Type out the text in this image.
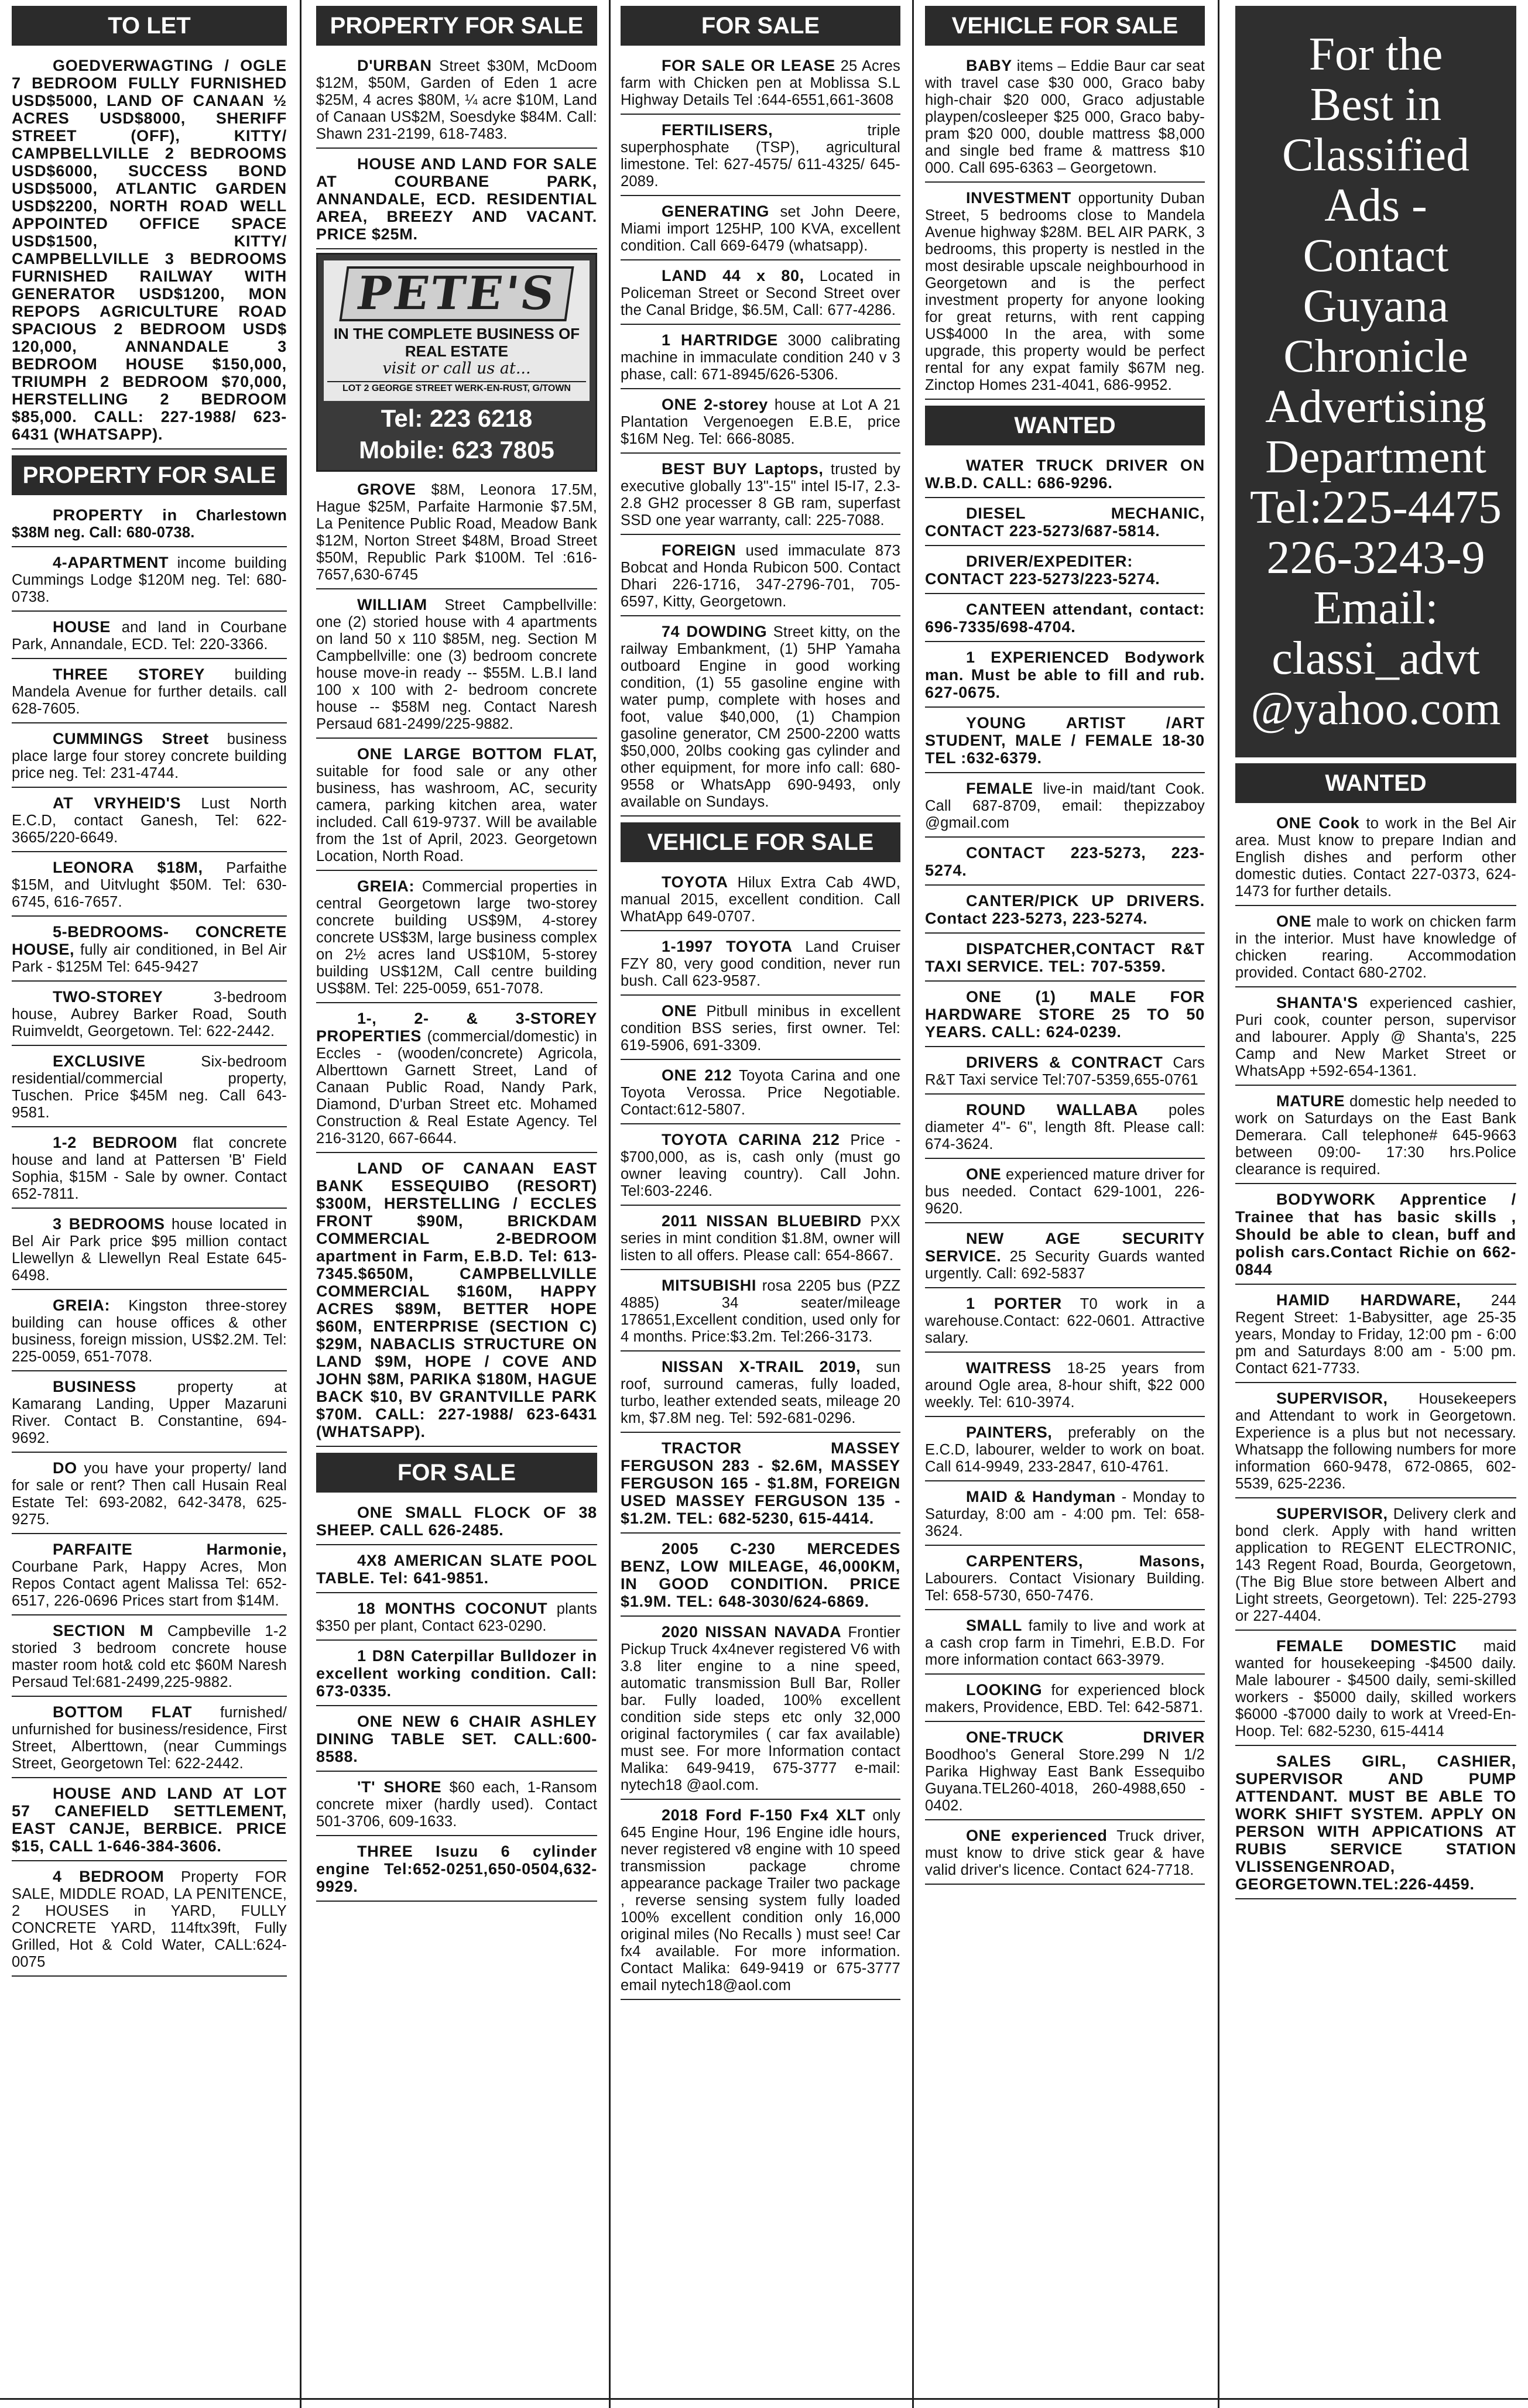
TO LET
GOEDVERWAGTING / OGLE 7 BEDROOM FULLY FURNISHED USD$5000, LAND OF CANAAN ½ ACRES USD$8000, SHERIFF STREET (OFF), KITTY/ CAMPBELLVILLE 2 BEDROOMS USD$6000, SUCCESS BOND USD$5000, ATLANTIC GARDEN USD$2200, NORTH ROAD WELL APPOINTED OFFICE SPACE USD$1500, KITTY/ CAMPBELLVILLE 3 BEDROOMS FURNISHED RAILWAY WITH GENERATOR USD$1200, MON REPOPS AGRICULTURE ROAD SPACIOUS 2 BEDROOM USD$ 120,000, ANNANDALE 3 BEDROOM HOUSE $150,000, TRIUMPH 2 BEDROOM $70,000, HERSTELLING 2 BEDROOM $85,000. CALL: 227-1988/ 623-6431 (WHATSAPP).
PROPERTY FOR SALE
PROPERTY in Charlestown $38M neg. Call: 680-0738.
4-APARTMENT income building Cummings Lodge $120M neg. Tel: 680-0738.
HOUSE and land in Courbane Park, Annandale, ECD. Tel: 220-3366.
THREE STOREY building Mandela Avenue for further details. call 628-7605.
CUMMINGS Street business place large four storey concrete building price neg. Tel: 231-4744.
AT VRYHEID'S Lust North E.C.D, contact Ganesh, Tel: 622-3665/220-6649.
LEONORA $18M, Parfaithe $15M, and Uitvlught $50M. Tel: 630-6745, 616-7657.
5-BEDROOMS- CONCRETE HOUSE, fully air conditioned, in Bel Air Park - $125M Tel: 645-9427
TWO-STOREY 3-bedroom house, Aubrey Barker Road, South Ruimveldt, Georgetown. Tel: 622-2442.
EXCLUSIVE Six-bedroom residential/commercial property, Tuschen. Price $45M neg. Call 643-9581.
1-2 BEDROOM flat concrete house and land at Pattersen 'B' Field Sophia, $15M - Sale by owner. Contact 652-7811.
3 BEDROOMS house located in Bel Air Park price $95 million contact Llewellyn & Llewellyn Real Estate 645-6498.
GREIA: Kingston three-storey building can house offices & other business, foreign mission, US$2.2M. Tel: 225-0059, 651-7078.
BUSINESS property at Kamarang Landing, Upper Mazaruni River. Contact B. Constantine, 694-9692.
DO you have your property/ land for sale or rent? Then call Husain Real Estate Tel: 693-2082, 642-3478, 625-9275.
PARFAITE Harmonie, Courbane Park, Happy Acres, Mon Repos Contact agent Malissa Tel: 652-6517, 226-0696 Prices start from $14M.
SECTION M Campbeville 1-2 storied 3 bedroom concrete house master room hot& cold etc $60M Naresh Persaud Tel:681-2499,225-9882.
BOTTOM FLAT furnished/ unfurnished for business/residence, First Street, Alberttown, (near Cummings Street, Georgetown Tel: 622-2442.
HOUSE AND LAND AT LOT 57 CANEFIELD SETTLEMENT, EAST CANJE, BERBICE. PRICE $15, CALL 1-646-384-3606.
4 BEDROOM Property FOR SALE, MIDDLE ROAD, LA PENITENCE, 2 HOUSES in YARD, FULLY CONCRETE YARD, 114ftx39ft, Fully Grilled, Hot & Cold Water, CALL:624-0075
PROPERTY FOR SALE
D'URBAN Street $30M, McDoom $12M, $50M, Garden of Eden 1 acre $25M, 4 acres $80M, ¼ acre $10M, Land of Canaan US$2M, Soesdyke $84M. Call: Shawn 231-2199, 618-7483.
HOUSE AND LAND FOR SALE AT COURBANE PARK, ANNANDALE, ECD. RESIDENTIAL AREA, BREEZY AND VACANT. PRICE $25M.
PETE'S
IN THE COMPLETE BUSINESS OF REAL ESTATE
visit or call us at...
LOT 2 GEORGE STREET WERK-EN-RUST, G/TOWN
Tel: 223 6218
Mobile: 623 7805
GROVE $8M, Leonora 17.5M, Hague $25M, Parfaite Harmonie $7.5M, La Penitence Public Road, Meadow Bank $12M, Norton Street $48M, Broad Street $50M, Republic Park $100M. Tel :616-7657,630-6745
WILLIAM Street Campbellville: one (2) storied house with 4 apartments on land 50 x 110 $85M, neg. Section M Campbellville: one (3) bedroom concrete house move-in ready -- $55M. L.B.I land 100 x 100 with 2- bedroom concrete house -- $58M neg. Contact Naresh Persaud 681-2499/225-9882.
ONE LARGE BOTTOM FLAT, suitable for food sale or any other business, has washroom, AC, security camera, parking kitchen area, water included. Call 619-9737. Will be available from the 1st of April, 2023. Georgetown Location, North Road.
GREIA: Commercial properties in central Georgetown large two-storey concrete building US$9M, 4-storey concrete US$3M, large business complex on 2½ acres land US$10M, 5-storey building US$12M, Call centre building US$8M. Tel: 225-0059, 651-7078.
1-, 2- & 3-STOREY PROPERTIES (commercial/domestic) in Eccles - (wooden/concrete) Agricola, Alberttown Garnett Street, Land of Canaan Public Road, Nandy Park, Diamond, D'urban Street etc. Mohamed Construction & Real Estate Agency. Tel 216-3120, 667-6644.
LAND OF CANAAN EAST BANK ESSEQUIBO (RESORT) $300M, HERSTELLING / ECCLES FRONT $90M, BRICKDAM COMMERCIAL 2-BEDROOM apartment in Farm, E.B.D. Tel: 613-7345.$650M, CAMPBELLVILLE COMMERCIAL $160M, HAPPY ACRES $89M, BETTER HOPE $60M, ENTERPRISE (SECTION C) $29M, NABACLIS STRUCTURE ON LAND $9M, HOPE / COVE AND JOHN $8M, PARIKA $180M, HAGUE BACK $10, BV GRANTVILLE PARK $70M. CALL: 227-1988/ 623-6431 (WHATSAPP).
FOR SALE
ONE SMALL FLOCK OF 38 SHEEP. CALL 626-2485.
4X8 AMERICAN SLATE POOL TABLE. Tel: 641-9851.
18 MONTHS COCONUT plants $350 per plant, Contact 623-0290.
1 D8N Caterpillar Bulldozer in excellent working condition. Call: 673-0335.
ONE NEW 6 CHAIR ASHLEY DINING TABLE SET. CALL:600-8588.
'T' SHORE $60 each, 1-Ransom concrete mixer (hardly used). Contact 501-3706, 609-1633.
THREE Isuzu 6 cylinder engine Tel:652-0251,650-0504,632-9929.
FOR SALE
FOR SALE OR LEASE 25 Acres farm with Chicken pen at Moblissa S.L Highway Details Tel :644-6551,661-3608
FERTILISERS, triple superphosphate (TSP), agricultural limestone. Tel: 627-4575/ 611-4325/ 645-2089.
GENERATING set John Deere, Miami import 125HP, 100 KVA, excellent condition. Call 669-6479 (whatsapp).
LAND 44 x 80, Located in Policeman Street or Second Street over the Canal Bridge, $6.5M, Call: 677-4286.
1 HARTRIDGE 3000 calibrating machine in immaculate condition 240 v 3 phase, call: 671-8945/626-5306.
ONE 2-storey house at Lot A 21 Plantation Vergenoegen E.B.E, price $16M Neg. Tel: 666-8085.
BEST BUY Laptops, trusted by executive globally 13"-15" intel I5-I7, 2.3-2.8 GH2 processer 8 GB ram, superfast SSD one year warranty, call: 225-7088.
FOREIGN used immaculate 873 Bobcat and Honda Rubicon 500. Contact Dhari 226-1716, 347-2796-701, 705-6597, Kitty, Georgetown.
74 DOWDING Street kitty, on the railway Embankment, (1) 5HP Yamaha outboard Engine in good working condition, (1) 55 gasoline engine with water pump, complete with hoses and foot, value $40,000, (1) Champion gasoline generator, CM 2500-2200 watts $50,000, 20lbs cooking gas cylinder and other equipment, for more info call: 680-9558 or WhatsApp 690-9493, only available on Sundays.
VEHICLE FOR SALE
TOYOTA Hilux Extra Cab 4WD, manual 2015, excellent condition. Call WhatApp 649-0707.
1-1997 TOYOTA Land Cruiser FZY 80, very good condition, never run bush. Call 623-9587.
ONE Pitbull minibus in excellent condition BSS series, first owner. Tel: 619-5906, 691-3309.
ONE 212 Toyota Carina and one Toyota Verossa. Price Negotiable. Contact:612-5807.
TOYOTA CARINA 212 Price - $700,000, as is, cash only (must go owner leaving country). Call John. Tel:603-2246.
2011 NISSAN BLUEBIRD PXX series in mint condition $1.8M, owner will listen to all offers. Please call: 654-8667.
MITSUBISHI rosa 2205 bus (PZZ 4885) 34 seater/mileage 178651,Excellent condition, used only for 4 months. Price:$3.2m. Tel:266-3173.
NISSAN X-TRAIL 2019, sun roof, surround cameras, fully loaded, turbo, leather extended seats, mileage 20 km, $7.8M neg. Tel: 592-681-0296.
TRACTOR MASSEY FERGUSON 283 - $2.6M, MASSEY FERGUSON 165 - $1.8M, FOREIGN USED MASSEY FERGUSON 135 - $1.2M. TEL: 682-5230, 615-4414.
2005 C-230 MERCEDES BENZ, LOW MILEAGE, 46,000KM, IN GOOD CONDITION. PRICE $1.9M. TEL: 648-3030/624-6869.
2020 NISSAN NAVADA Frontier Pickup Truck 4x4never registered V6 with 3.8 liter engine to a nine speed, automatic transmission Bull Bar, Roller bar. Fully loaded, 100% excellent condition side steps etc only 32,000 original factorymiles ( car fax available) must see. For more Information contact Malika: 649-9419, 675-3777 e-mail: nytech18 @aol.com.
2018 Ford F-150 Fx4 XLT only 645 Engine Hour, 196 Engine idle hours, never registered v8 engine with 10 speed transmission package chrome appearance package Trailer two package , reverse sensing system fully loaded 100% excellent condition only 16,000 original miles (No Recalls ) must see! Car fx4 available. For more information. Contact Malika: 649-9419 or 675-3777 email nytech18@aol.com
VEHICLE FOR SALE
BABY items – Eddie Baur car seat with travel case $30 000, Graco baby high-chair $20 000, Graco adjustable playpen/cosleeper $25 000, Graco baby-pram $20 000, double mattress $8,000 and single bed frame & mattress $10 000. Call 695-6363 – Georgetown.
INVESTMENT opportunity Duban Street, 5 bedrooms close to Mandela Avenue highway $28M. BEL AIR PARK, 3 bedrooms, this property is nestled in the most desirable upscale neighbourhood in Georgetown and is the perfect investment property for anyone looking for great returns, with rent capping US$4000 In the area, with some upgrade, this property would be perfect rental for any expat family $67M neg. Zinctop Homes 231-4041, 686-9952.
WANTED
WATER TRUCK DRIVER ON W.B.D. CALL: 686-9296.
DIESEL MECHANIC, CONTACT 223-5273/687-5814.
DRIVER/EXPEDITER: CONTACT 223-5273/223-5274.
CANTEEN attendant, contact: 696-7335/698-4704.
1 EXPERIENCED Bodywork man. Must be able to fill and rub. 627-0675.
YOUNG ARTIST /ART STUDENT, MALE / FEMALE 18-30 TEL :632-6379.
FEMALE live-in maid/tant Cook. Call 687-8709, email: thepizzaboy @gmail.com
CONTACT 223-5273, 223-5274.
CANTER/PICK UP DRIVERS. Contact 223-5273, 223-5274.
DISPATCHER,CONTACT R&T TAXI SERVICE. TEL: 707-5359.
ONE (1) MALE FOR HARDWARE STORE 25 TO 50 YEARS. CALL: 624-0239.
DRIVERS & CONTRACT Cars R&T Taxi service Tel:707-5359,655-0761
ROUND WALLABA poles diameter 4"- 6", length 8ft. Please call: 674-3624.
ONE experienced mature driver for bus needed. Contact 629-1001, 226-9620.
NEW AGE SECURITY SERVICE. 25 Security Guards wanted urgently. Call: 692-5837
1 PORTER T0 work in a warehouse.Contact: 622-0601. Attractive salary.
WAITRESS 18-25 years from around Ogle area, 8-hour shift, $22 000 weekly. Tel: 610-3974.
PAINTERS, preferably on the E.C.D, labourer, welder to work on boat. Call 614-9949, 233-2847, 610-4761.
MAID & Handyman - Monday to Saturday, 8:00 am - 4:00 pm. Tel: 658-3624.
CARPENTERS, Masons, Labourers. Contact Visionary Building. Tel: 658-5730, 650-7476.
SMALL family to live and work at a cash crop farm in Timehri, E.B.D. For more information contact 663-3979.
LOOKING for experienced block makers, Providence, EBD. Tel: 642-5871.
ONE-TRUCK DRIVER Boodhoo's General Store.299 N 1/2 Parika Highway East Bank Essequibo Guyana.TEL260-4018, 260-4988,650 - 0402.
ONE experienced Truck driver, must know to drive stick gear & have valid driver's licence. Contact 624-7718.
For the
Best in
Classified
Ads -
Contact
Guyana
Chronicle
Advertising
Department
Tel:225-4475
226-3243-9
Email:
classi_advt
@yahoo.com
WANTED
ONE Cook to work in the Bel Air area. Must know to prepare Indian and English dishes and perform other domestic duties. Contact 227-0373, 624-1473 for further details.
ONE male to work on chicken farm in the interior. Must have knowledge of chicken rearing. Accommodation provided. Contact 680-2702.
SHANTA'S experienced cashier, Puri cook, counter person, supervisor and labourer. Apply @ Shanta's, 225 Camp and New Market Street or WhatsApp +592-654-1361.
MATURE domestic help needed to work on Saturdays on the East Bank Demerara. Call telephone# 645-9663 between 09:00- 17:30 hrs.Police clearance is required.
BODYWORK Apprentice / Trainee that has basic skills , Should be able to clean, buff and polish cars.Contact Richie on 662-0844
HAMID HARDWARE, 244 Regent Street: 1-Babysitter, age 25-35 years, Monday to Friday, 12:00 pm - 6:00 pm and Saturdays 8:00 am - 5:00 pm. Contact 621-7733.
SUPERVISOR, Housekeepers and Attendant to work in Georgetown. Experience is a plus but not necessary. Whatsapp the following numbers for more information 660-9478, 672-0865, 602-5539, 625-2236.
SUPERVISOR, Delivery clerk and bond clerk. Apply with hand written application to REGENT ELECTRONIC, 143 Regent Road, Bourda, Georgetown, (The Big Blue store between Albert and Light streets, Georgetown). Tel: 225-2793 or 227-4404.
FEMALE DOMESTIC maid wanted for housekeeping -$4500 daily. Male labourer - $4500 daily, semi-skilled workers - $5000 daily, skilled workers $6000 -$7000 daily to work at Vreed-En-Hoop. Tel: 682-5230, 615-4414
SALES GIRL, CASHIER, SUPERVISOR AND PUMP ATTENDANT. MUST BE ABLE TO WORK SHIFT SYSTEM. APPLY ON PERSON WITH APPICATIONS AT RUBIS SERVICE STATION VLISSENGENROAD, GEORGETOWN.TEL:226-4459.
